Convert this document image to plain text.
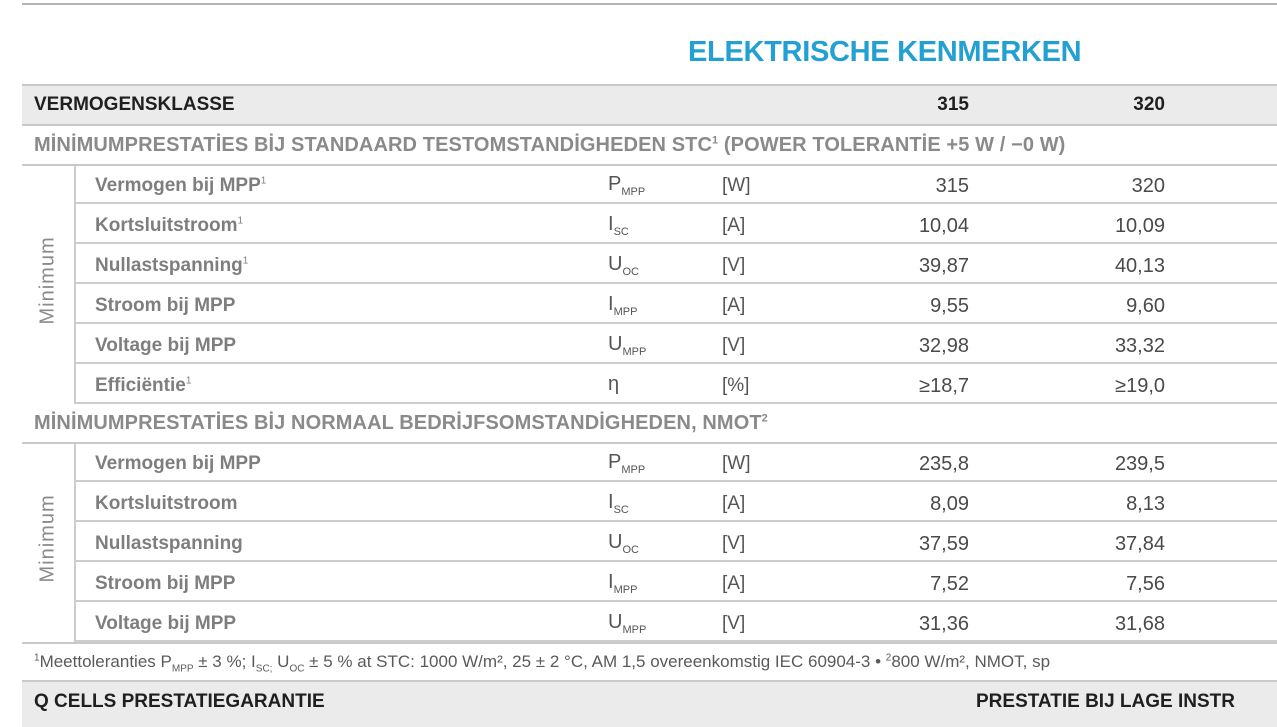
ELEKTRISCHE KENMERKEN
VERMOGENSKLASSE	315	320
MİNİMUMPRESTATİES BİJ STANDAARD TESTOMSTANDİGHEDEN STC$^1$ (POWER TOLERANTİE +5 W / −0 W)
Minimum
Vermogen bij MPP$^1$	$P_{MPP}$	[W]	315	320
Kortsluitstroom$^1$	$I_{SC}$	[A]	10,04	10,09
Nullastspanning$^1$	$U_{OC}$	[V]	39,87	40,13
Stroom bij MPP	$I_{MPP}$	[A]	9,55	9,60
Voltage bij MPP	$U_{MPP}$	[V]	32,98	33,32
Efficiëntie$^1$	η	[%]	≥18,7	≥19,0
MİNİMUMPRESTATİES BİJ NORMAAL BEDRİJFSOMSTANDİGHEDEN, NMOT$^2$
Minimum
Vermogen bij MPP	$P_{MPP}$	[W]	235,8	239,5
Kortsluitstroom	$I_{SC}$	[A]	8,09	8,13
Nullastspanning	$U_{OC}$	[V]	37,59	37,84
Stroom bij MPP	$I_{MPP}$	[A]	7,52	7,56
Voltage bij MPP	$U_{MPP}$	[V]	31,36	31,68
$^1$Meettoleranties $P_{MPP} \pm 3$ %; $I_{SC;}$ $U_{OC} \pm 5$ % at STC: 1000 W/m², 25 ± 2 °C, AM 1,5 overeenkomstig IEC 60904-3 • $^2$800 W/m², NMOT, sp
Q CELLS PRESTATIEGARANTIE	PRESTATIE BIJ LAGE INSTR
